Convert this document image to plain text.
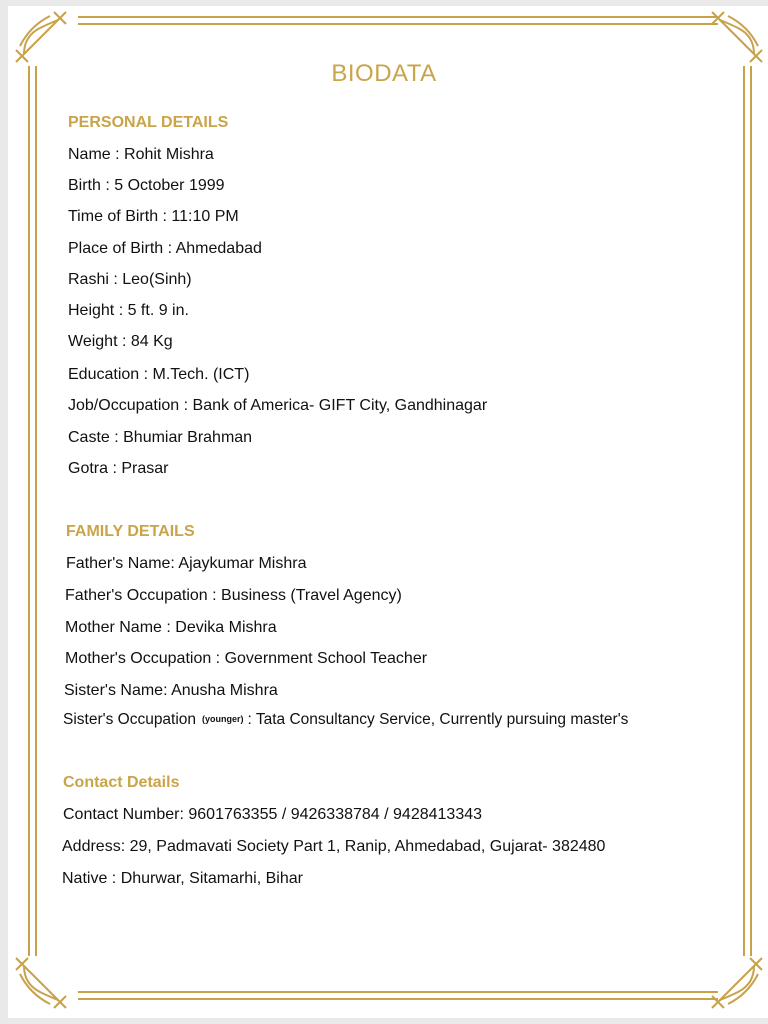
BIODATA
PERSONAL DETAILS
Name : Rohit Mishra
Birth : 5 October 1999
Time of Birth : 11:10 PM
Place of Birth : Ahmedabad
Rashi : Leo(Sinh)
Height : 5 ft. 9 in.
Weight : 84 Kg
Education : M.Tech. (ICT)
Job/Occupation : Bank of America- GIFT City, Gandhinagar
Caste : Bhumiar Brahman
Gotra : Prasar
FAMILY DETAILS
Father's Name: Ajaykumar Mishra
Father's Occupation : Business (Travel Agency)
Mother Name : Devika Mishra
Mother's Occupation : Government School Teacher
Sister's Name: Anusha Mishra
Sister's Occupation (younger) : Tata Consultancy Service, Currently pursuing master's
Contact Details
Contact Number: 9601763355 / 9426338784 / 9428413343
Address: 29, Padmavati Society Part 1, Ranip, Ahmedabad, Gujarat- 382480
Native : Dhurwar, Sitamarhi, Bihar
